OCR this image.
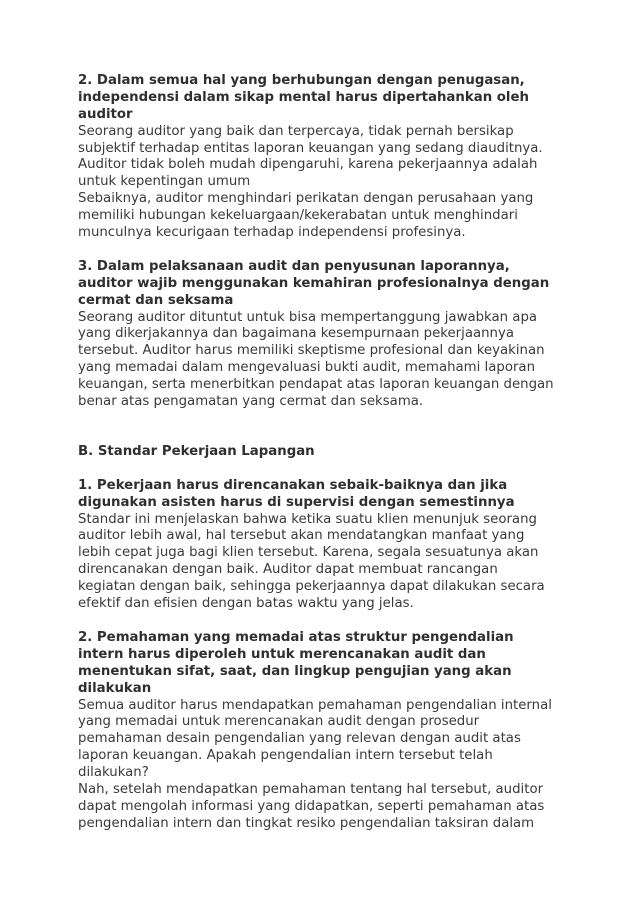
2. Dalam semua hal yang berhubungan dengan penugasan,
independensi dalam sikap mental harus dipertahankan oleh
auditor
Seorang auditor yang baik dan terpercaya, tidak pernah bersikap
subjektif terhadap entitas laporan keuangan yang sedang diauditnya.
Auditor tidak boleh mudah dipengaruhi, karena pekerjaannya adalah
untuk kepentingan umum
Sebaiknya, auditor menghindari perikatan dengan perusahaan yang
memiliki hubungan kekeluargaan/kekerabatan untuk menghindari
munculnya kecurigaan terhadap independensi profesinya.
3. Dalam pelaksanaan audit dan penyusunan laporannya,
auditor wajib menggunakan kemahiran profesionalnya dengan
cermat dan seksama
Seorang auditor dituntut untuk bisa mempertanggung jawabkan apa
yang dikerjakannya dan bagaimana kesempurnaan pekerjaannya
tersebut. Auditor harus memiliki skeptisme profesional dan keyakinan
yang memadai dalam mengevaluasi bukti audit, memahami laporan
keuangan, serta menerbitkan pendapat atas laporan keuangan dengan
benar atas pengamatan yang cermat dan seksama.
B. Standar Pekerjaan Lapangan
1. Pekerjaan harus direncanakan sebaik-baiknya dan jika
digunakan asisten harus di supervisi dengan semestinnya
Standar ini menjelaskan bahwa ketika suatu klien menunjuk seorang
auditor lebih awal, hal tersebut akan mendatangkan manfaat yang
lebih cepat juga bagi klien tersebut. Karena, segala sesuatunya akan
direncanakan dengan baik. Auditor dapat membuat rancangan
kegiatan dengan baik, sehingga pekerjaannya dapat dilakukan secara
efektif dan efisien dengan batas waktu yang jelas.
2. Pemahaman yang memadai atas struktur pengendalian
intern harus diperoleh untuk merencanakan audit dan
menentukan sifat, saat, dan lingkup pengujian yang akan
dilakukan
Semua auditor harus mendapatkan pemahaman pengendalian internal
yang memadai untuk merencanakan audit dengan prosedur
pemahaman desain pengendalian yang relevan dengan audit atas
laporan keuangan. Apakah pengendalian intern tersebut telah
dilakukan?
Nah, setelah mendapatkan pemahaman tentang hal tersebut, auditor
dapat mengolah informasi yang didapatkan, seperti pemahaman atas
pengendalian intern dan tingkat resiko pengendalian taksiran dalam
